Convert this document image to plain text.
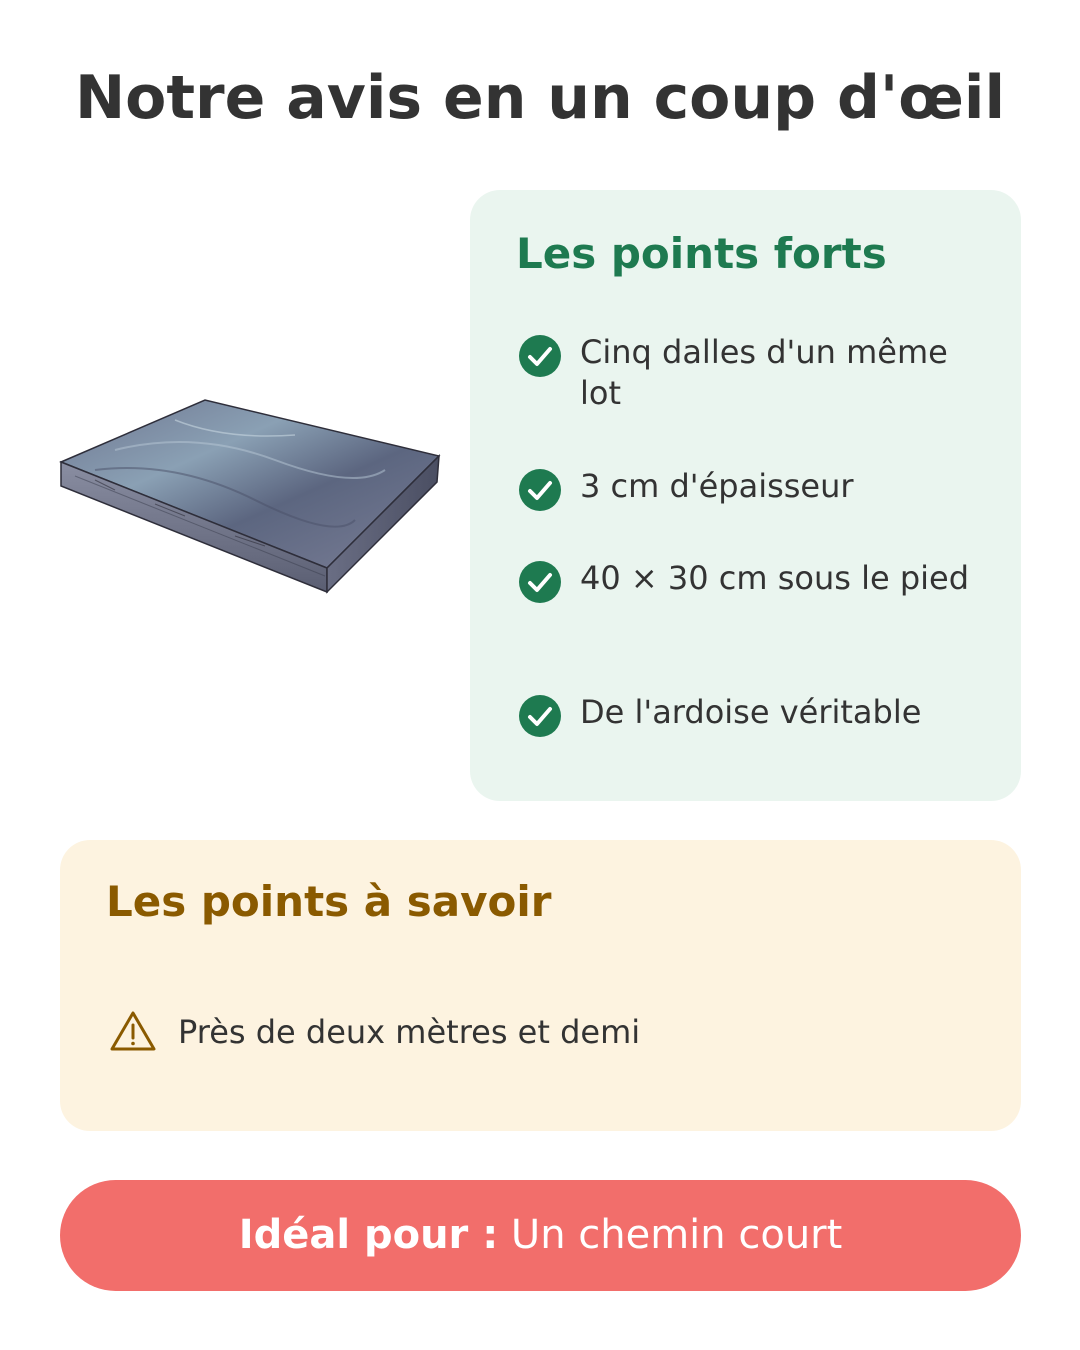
Notre avis en un coup d'œil
Les points forts
Cinq dalles d'un même lot
3 cm d'épaisseur
40 × 30 cm sous le pied
De l'ardoise véritable
Les points à savoir
Près de deux mètres et demi
Idéal pour : Un chemin court
